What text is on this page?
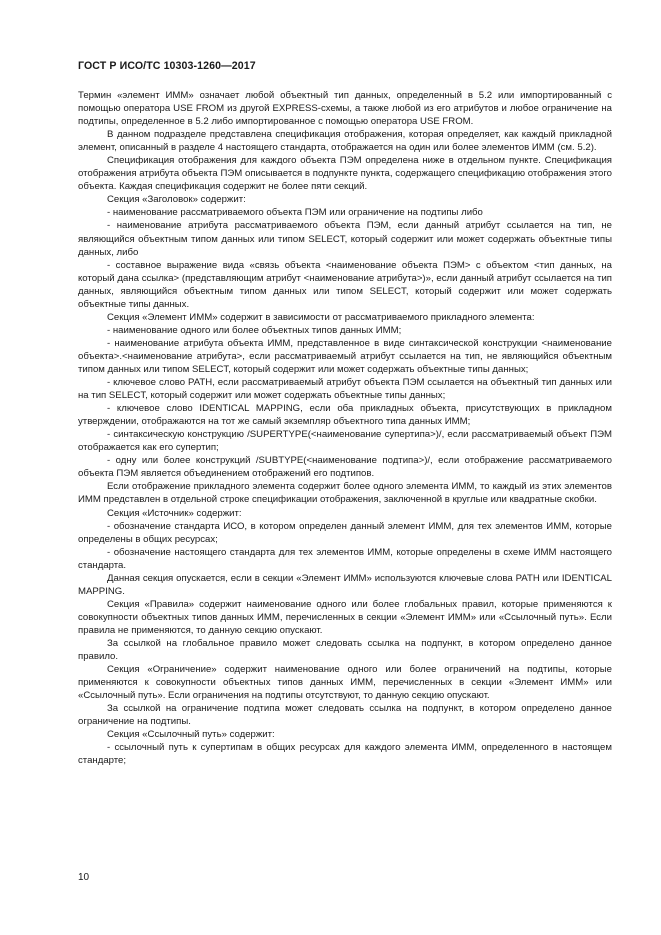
ГОСТ Р ИСО/ТС 10303-1260—2017

Термин «элемент ИММ» означает любой объектный тип данных, определенный в 5.2 или импортированный с помощью оператора USE FROM из другой EXPRESS-схемы, а также любой из его атрибутов и любое ограничение на подтипы, определенное в 5.2 либо импортированное с помощью оператора USE FROM.

В данном подразделе представлена спецификация отображения, которая определяет, как каждый прикладной элемент, описанный в разделе 4 настоящего стандарта, отображается на один или более элементов ИММ (см. 5.2).

Спецификация отображения для каждого объекта ПЭМ определена ниже в отдельном пункте. Спецификация отображения атрибута объекта ПЭМ описывается в подпункте пункта, содержащего спецификацию отображения этого объекта. Каждая спецификация содержит не более пяти секций.

Секция «Заголовок» содержит:

- наименование рассматриваемого объекта ПЭМ или ограничение на подтипы либо

- наименование атрибута рассматриваемого объекта ПЭМ, если данный атрибут ссылается на тип, не являющийся объектным типом данных или типом SELECT, который содержит или может содержать объектные типы данных, либо

- составное выражение вида «связь объекта <наименование объекта ПЭМ> с объектом <тип данных, на который дана ссылка> (представляющим атрибут <наименование атрибута>)», если данный атрибут ссылается на тип данных, являющийся объектным типом данных или типом SELECT, который содержит или может содержать объектные типы данных.

Секция «Элемент ИММ» содержит в зависимости от рассматриваемого прикладного элемента:

- наименование одного или более объектных типов данных ИММ;

- наименование атрибута объекта ИММ, представленное в виде синтаксической конструкции <наименование объекта>.<наименование атрибута>, если рассматриваемый атрибут ссылается на тип, не являющийся объектным типом данных или типом SELECT, который содержит или может содержать объектные типы данных;

- ключевое слово PATH, если рассматриваемый атрибут объекта ПЭМ ссылается на объектный тип данных или на тип SELECT, который содержит или может содержать объектные типы данных;

- ключевое слово IDENTICAL MAPPING, если оба прикладных объекта, присутствующих в прикладном утверждении, отображаются на тот же самый экземпляр объектного типа данных ИММ;

- синтаксическую конструкцию /SUPERTYPE(<наименование супертипа>)/, если рассматриваемый объект ПЭМ отображается как его супертип;

- одну или более конструкций /SUBTYPE(<наименование подтипа>)/, если отображение рассматриваемого объекта ПЭМ является объединением отображений его подтипов.

Если отображение прикладного элемента содержит более одного элемента ИММ, то каждый из этих элементов ИММ представлен в отдельной строке спецификации отображения, заключенной в круглые или квадратные скобки.

Секция «Источник» содержит:

- обозначение стандарта ИСО, в котором определен данный элемент ИММ, для тех элементов ИММ, которые определены в общих ресурсах;

- обозначение настоящего стандарта для тех элементов ИММ, которые определены в схеме ИММ настоящего стандарта.

Данная секция опускается, если в секции «Элемент ИММ» используются ключевые слова PATH или IDENTICAL MAPPING.

Секция «Правила» содержит наименование одного или более глобальных правил, которые применяются к совокупности объектных типов данных ИММ, перечисленных в секции «Элемент ИММ» или «Ссылочный путь». Если правила не применяются, то данную секцию опускают.

За ссылкой на глобальное правило может следовать ссылка на подпункт, в котором определено данное правило.

Секция «Ограничение» содержит наименование одного или более ограничений на подтипы, которые применяются к совокупности объектных типов данных ИММ, перечисленных в секции «Элемент ИММ» или «Ссылочный путь». Если ограничения на подтипы отсутствуют, то данную секцию опускают.

За ссылкой на ограничение подтипа может следовать ссылка на подпункт, в котором определено данное ограничение на подтипы.

Секция «Ссылочный путь» содержит:

- ссылочный путь к супертипам в общих ресурсах для каждого элемента ИММ, определенного в настоящем стандарте;

10
